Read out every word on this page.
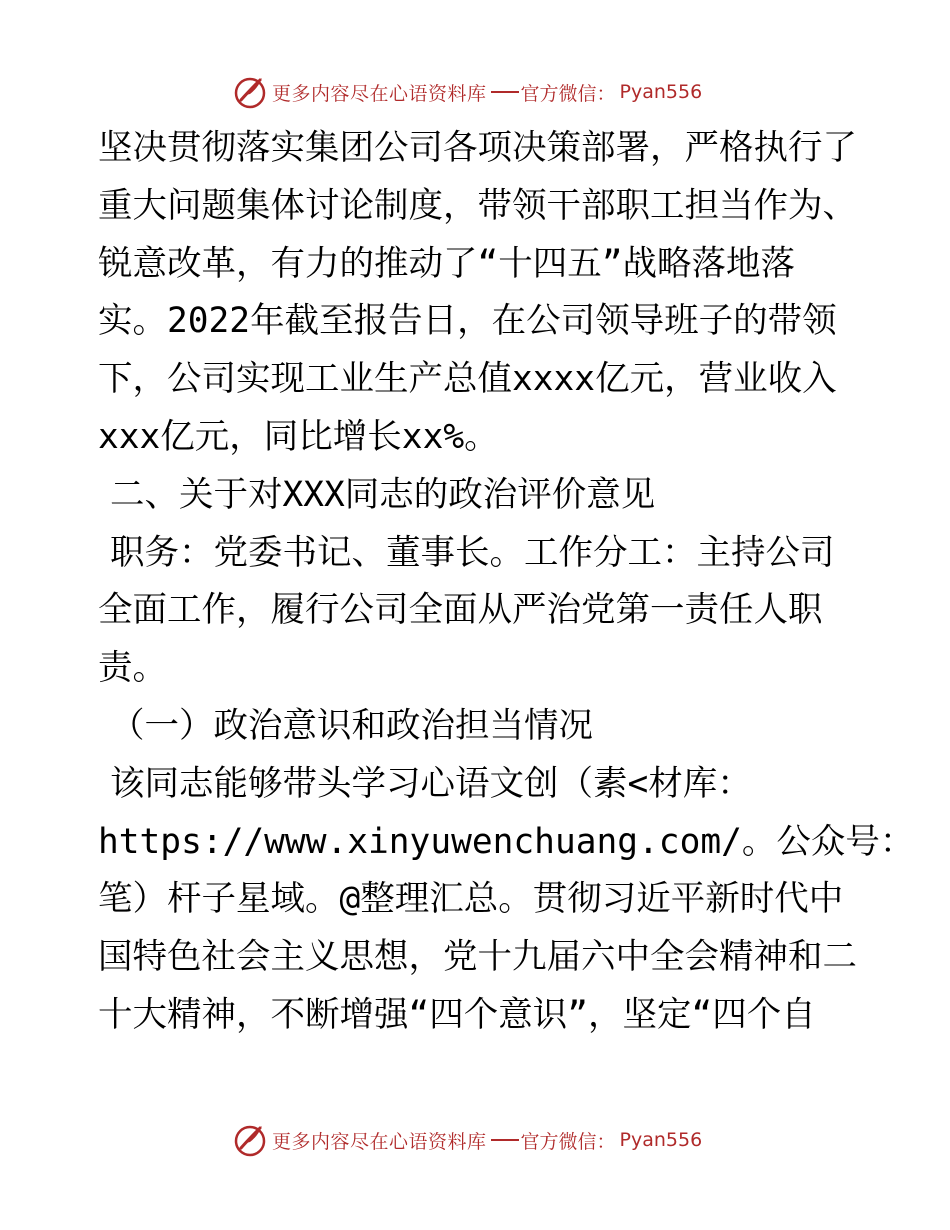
更多内容尽在心语资料库 官方微信： Pyan556
坚决贯彻落实集团公司各项决策部署，严格执行了
重大问题集体讨论制度，带领干部职工担当作为、
锐意改革，有力的推动了“十四五”战略落地落
实。2022年截至报告日，在公司领导班子的带领
下，公司实现工业生产总值xxxx亿元，营业收入
xxx亿元，同比增长xx%。
二、关于对XXX同志的政治评价意见
职务：党委书记、董事长。工作分工：主持公司
全面工作，履行公司全面从严治党第一责任人职
责。
（一）政治意识和政治担当情况
该同志能够带头学习心语文创（素<材库：
https://www.xinyuwenchuang.com/。公众号：
笔）杆子星域。@整理汇总。贯彻习近平新时代中
国特色社会主义思想，党十九届六中全会精神和二
十大精神，不断增强“四个意识”，坚定“四个自
更多内容尽在心语资料库 官方微信： Pyan556
